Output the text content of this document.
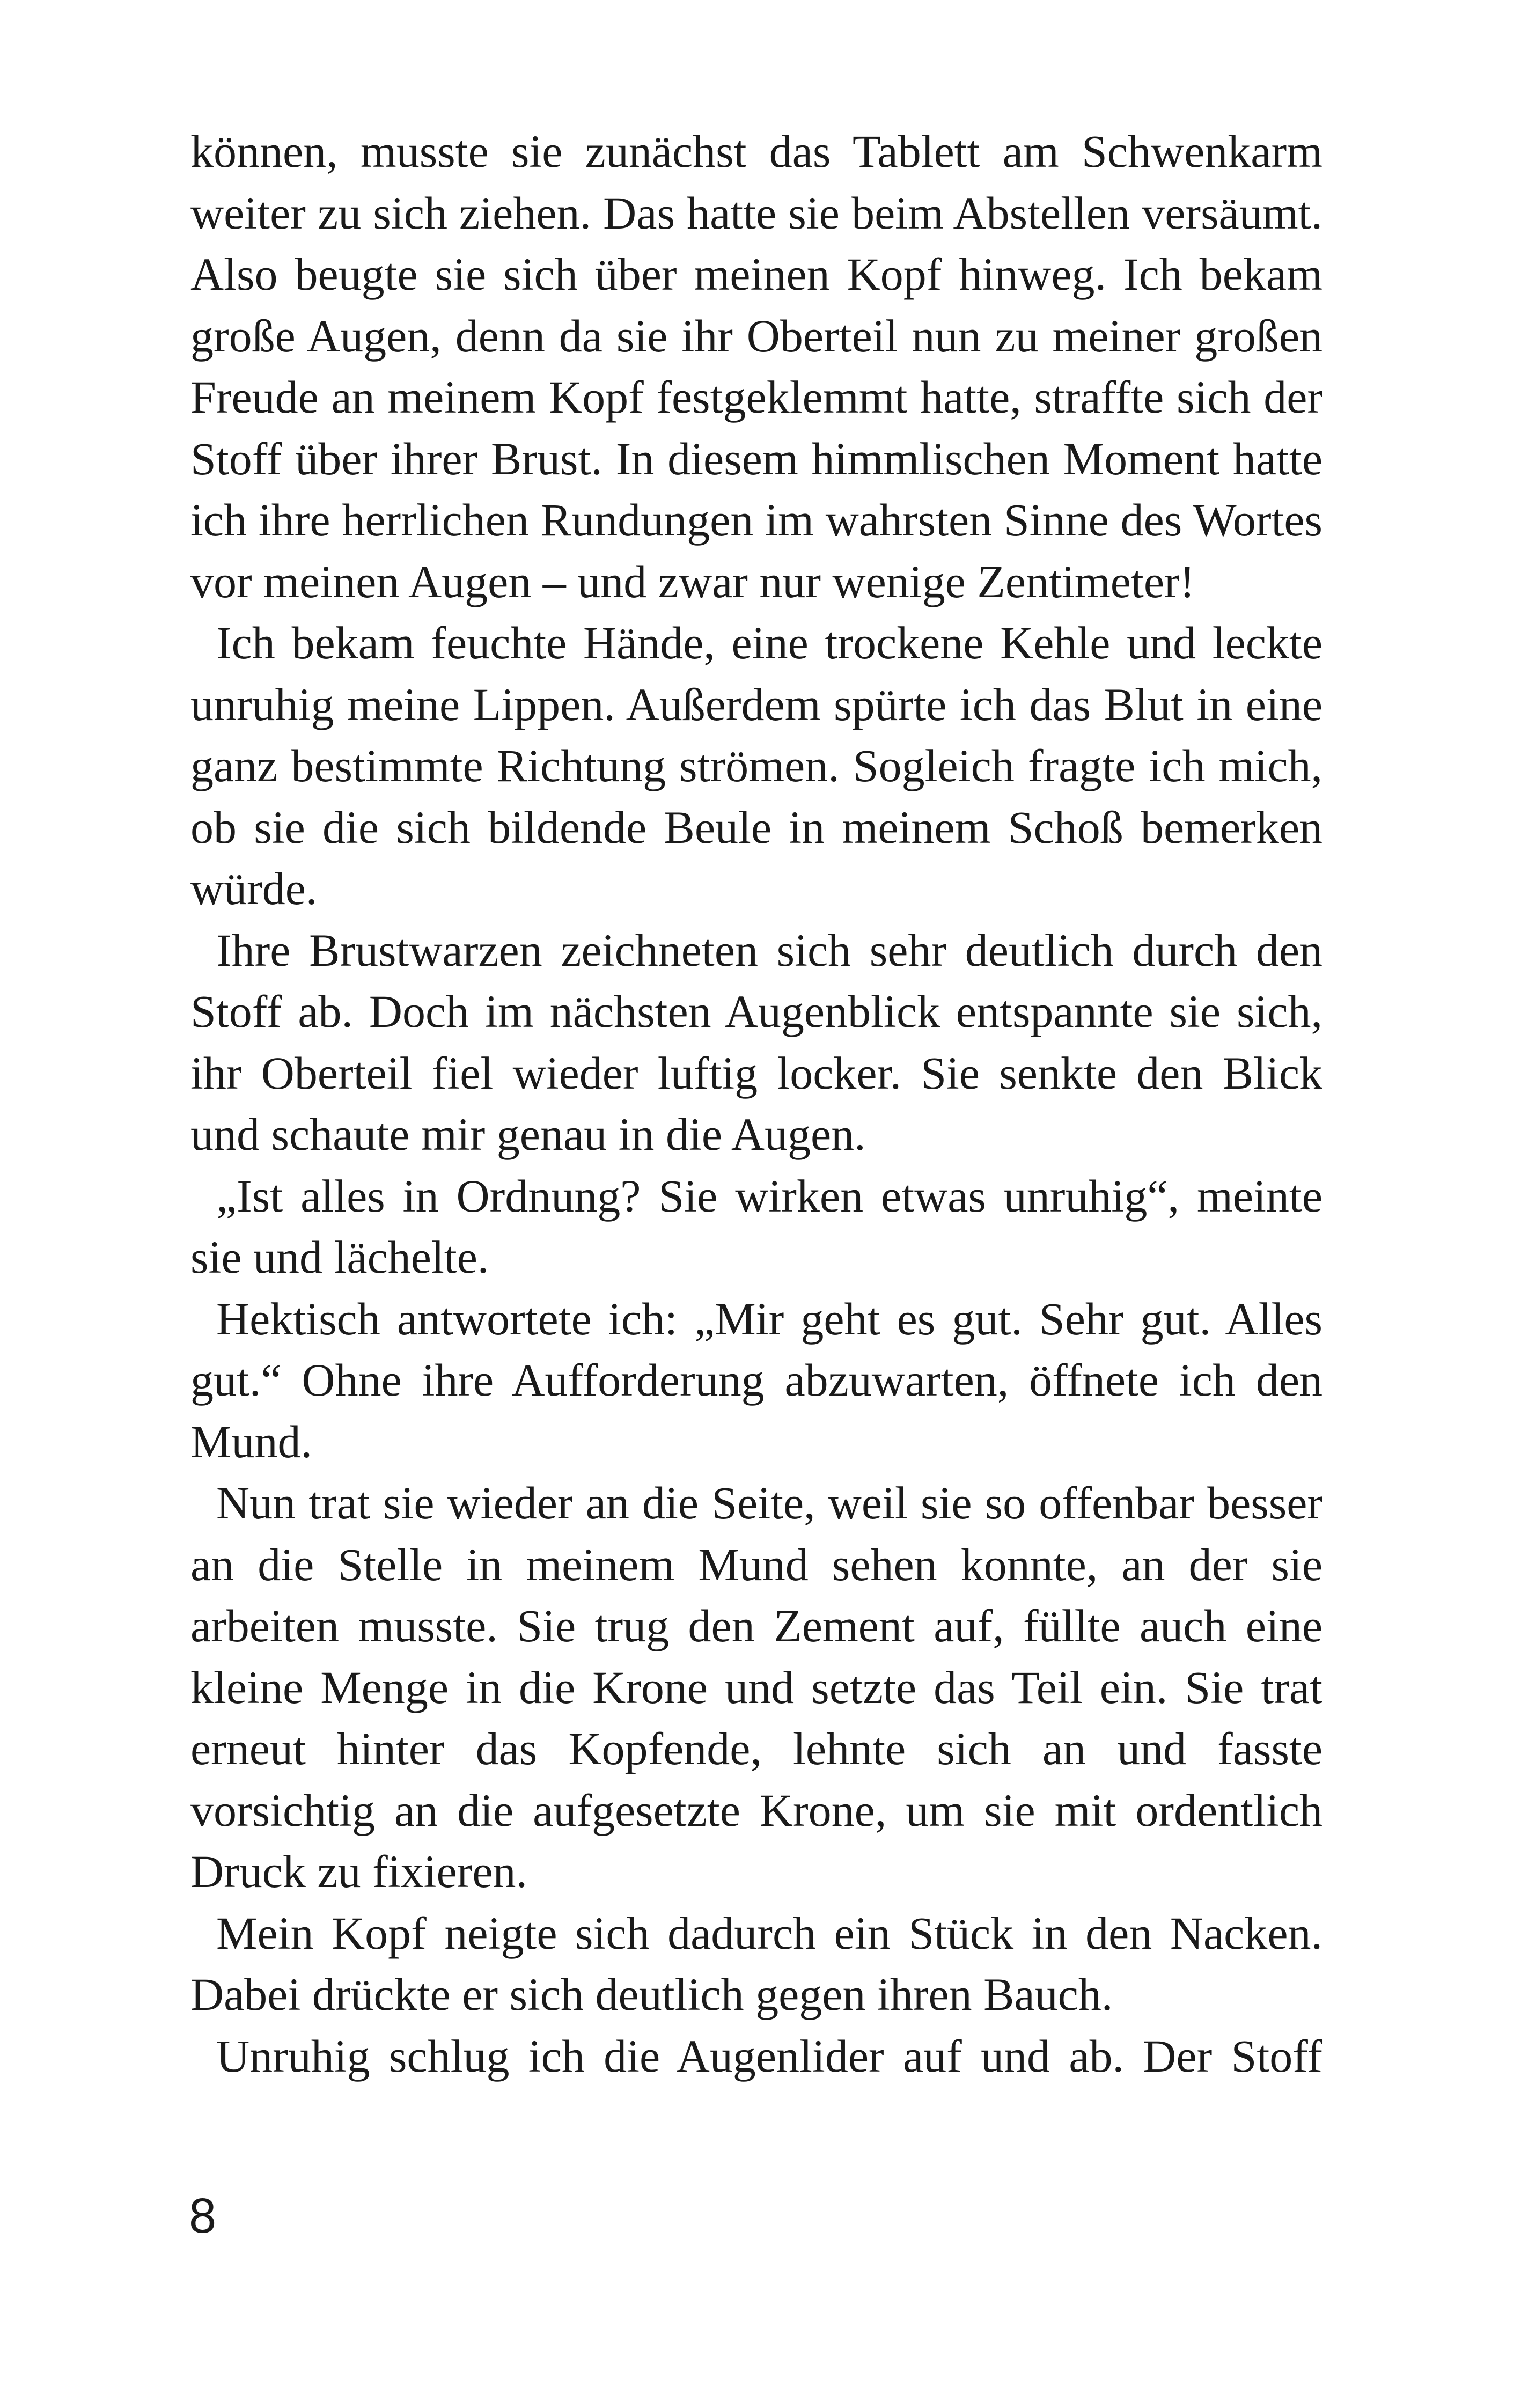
können, musste sie zunächst das Tablett am Schwenkarm weiter zu sich ziehen. Das hatte sie beim Abstellen versäumt. Also beugte sie sich über meinen Kopf hinweg. Ich bekam große Augen, denn da sie ihr Oberteil nun zu meiner großen Freude an meinem Kopf festgeklemmt hatte, straffte sich der Stoff über ihrer Brust. In diesem himmlischen Moment hatte ich ihre herrlichen Rundungen im wahrsten Sinne des Wortes vor meinen Augen – und zwar nur wenige Zentimeter!

Ich bekam feuchte Hände, eine trockene Kehle und leckte unruhig meine Lippen. Außerdem spürte ich das Blut in eine ganz bestimmte Richtung strömen. Sogleich fragte ich mich, ob sie die sich bildende Beule in meinem Schoß bemerken würde.

Ihre Brustwarzen zeichneten sich sehr deutlich durch den Stoff ab. Doch im nächsten Augenblick entspannte sie sich, ihr Oberteil fiel wieder luftig locker. Sie senkte den Blick und schaute mir genau in die Augen.

„Ist alles in Ordnung? Sie wirken etwas unruhig“, meinte sie und lächelte.

Hektisch antwortete ich: „Mir geht es gut. Sehr gut. Alles gut.“ Ohne ihre Aufforderung abzuwarten, öffnete ich den Mund.

Nun trat sie wieder an die Seite, weil sie so offenbar besser an die Stelle in meinem Mund sehen konnte, an der sie arbeiten musste. Sie trug den Zement auf, füllte auch eine kleine Menge in die Krone und setzte das Teil ein. Sie trat erneut hinter das Kopfende, lehnte sich an und fasste vorsichtig an die aufgesetzte Krone, um sie mit ordentlich Druck zu fixieren.

Mein Kopf neigte sich dadurch ein Stück in den Nacken. Dabei drückte er sich deutlich gegen ihren Bauch.

Unruhig schlug ich die Augenlider auf und ab. Der Stoff

8
